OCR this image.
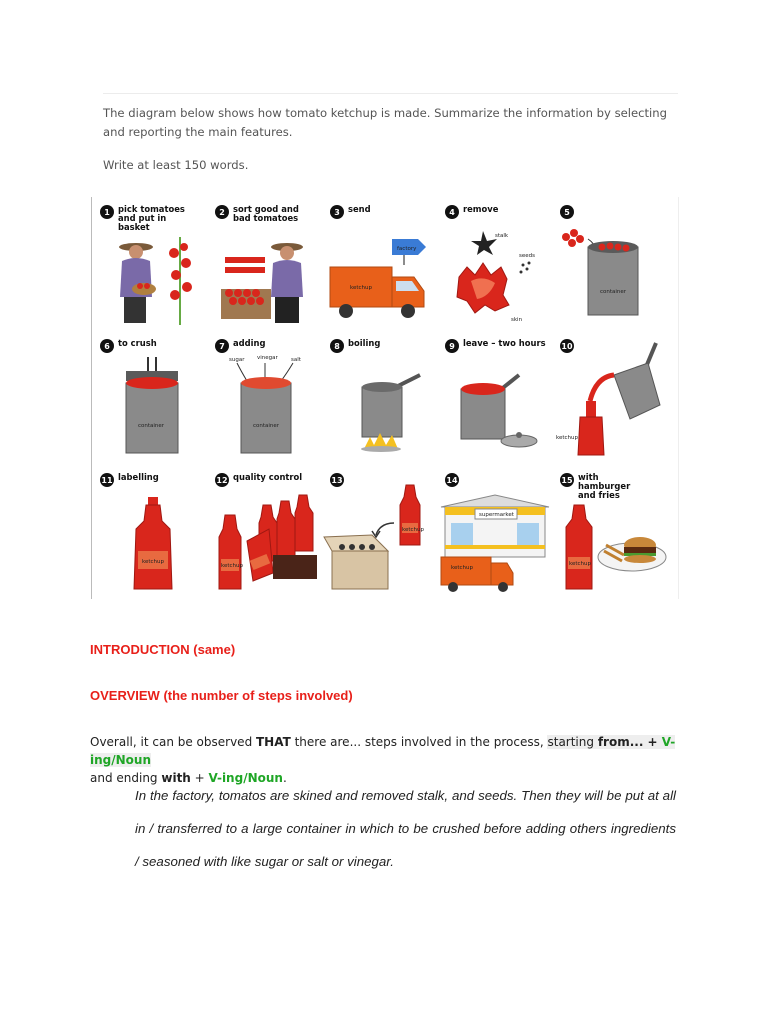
The diagram below shows how tomato ketchup is made. Summarize the information by selecting and reporting the main features.

Write at least 150 words.

1 pick tomatoes and put in basket
2 sort good and bad tomatoes
factory
ketchup
3 send
stalk
seeds
skin
4 remove
container
5
container
6 to crush
sugar vinegar salt
container
7 adding	8 boiling	9 leave – two hours
ketchup
10
ketchup
11 labelling
ketchup
12 quality control
ketchup
13
supermarket
ketchup
14
ketchup
15 with hamburger and fries
INTRODUCTION (same)
OVERVIEW (the number of steps involved)
Overall, it can be observed THAT there are... steps involved in the process, starting from... + V-ing/Noun
and ending with + V-ing/Noun.
In the factory, tomatos are skined and removed stalk, and seeds. Then they will be put at all in / transferred to a large container in which to be crushed before adding others ingredients / seasoned with like sugar or salt or vinegar.
